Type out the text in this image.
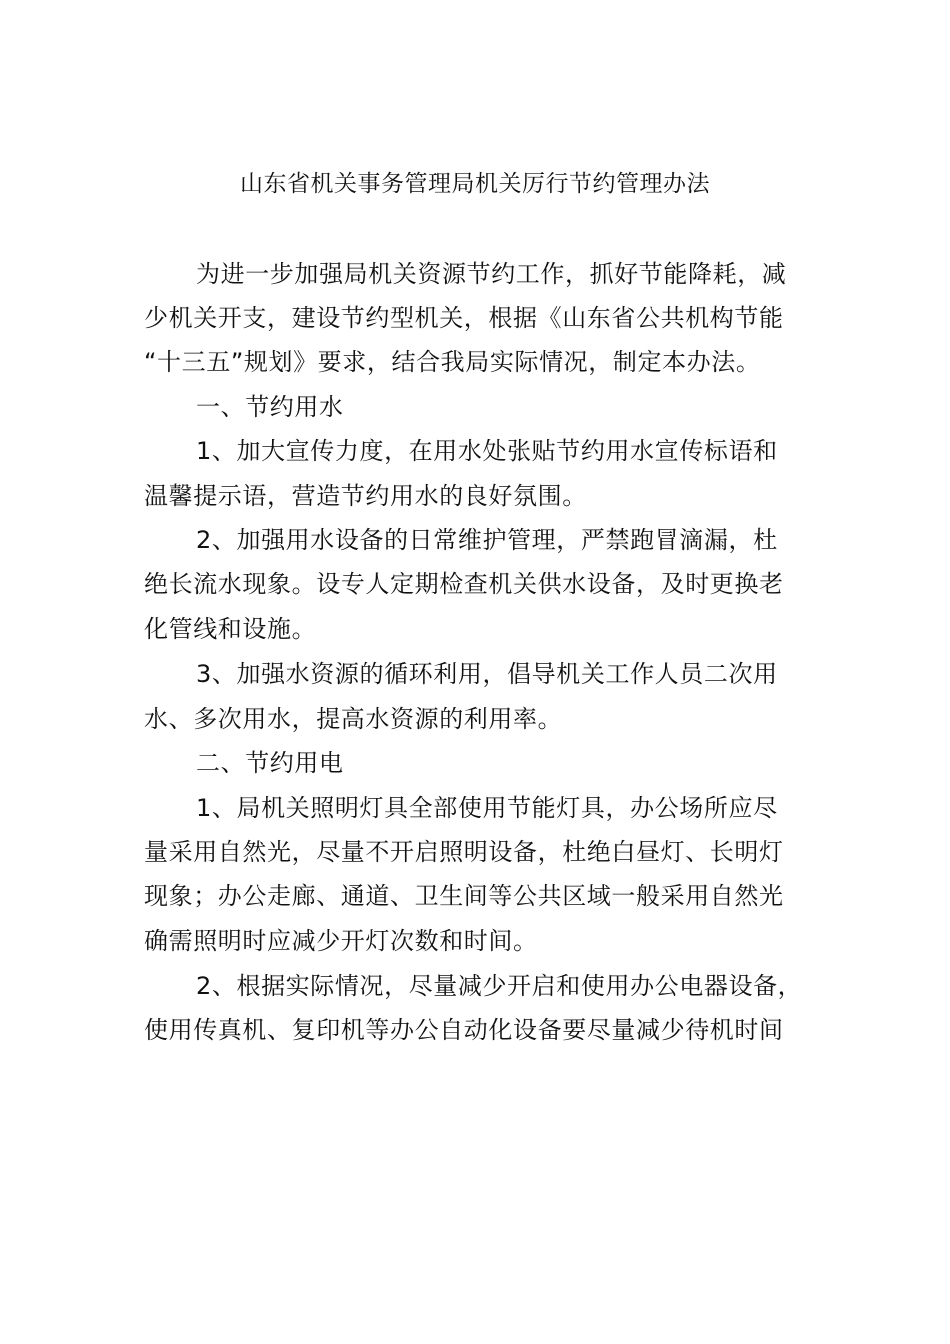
山东省机关事务管理局机关厉行节约管理办法
为进一步加强局机关资源节约工作，抓好节能降耗，减
少机关开支，建设节约型机关，根据《山东省公共机构节能
“十三五”规划》要求，结合我局实际情况，制定本办法。
一、节约用水
1、加大宣传力度，在用水处张贴节约用水宣传标语和
温馨提示语，营造节约用水的良好氛围。
2、加强用水设备的日常维护管理，严禁跑冒滴漏，杜
绝长流水现象。设专人定期检查机关供水设备，及时更换老
化管线和设施。
3、加强水资源的循环利用，倡导机关工作人员二次用
水、多次用水，提高水资源的利用率。
二、节约用电
1、局机关照明灯具全部使用节能灯具，办公场所应尽
量采用自然光，尽量不开启照明设备，杜绝白昼灯、长明灯
现象；办公走廊、通道、卫生间等公共区域一般采用自然光
确需照明时应减少开灯次数和时间。
2、根据实际情况，尽量减少开启和使用办公电器设备，
使用传真机、复印机等办公自动化设备要尽量减少待机时间
